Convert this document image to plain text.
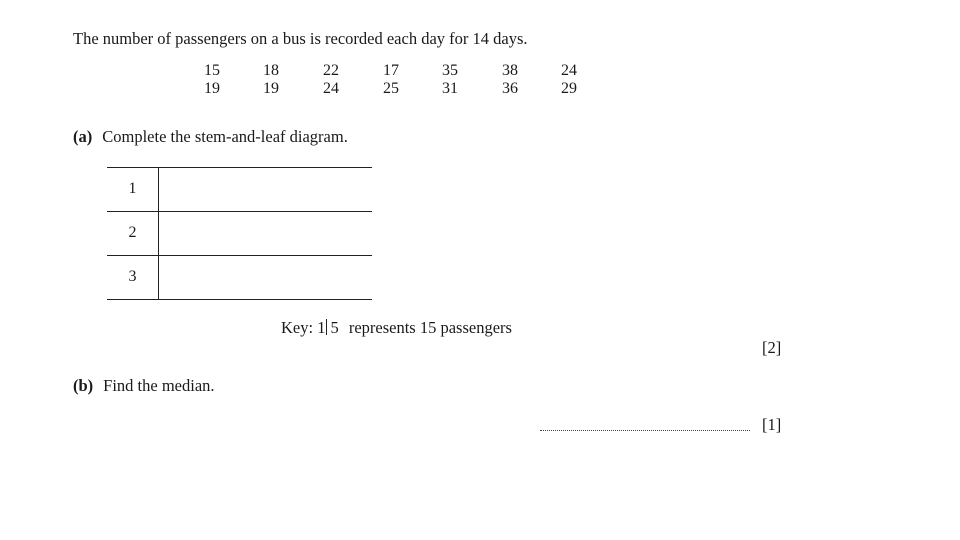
The number of passengers on a bus is recorded each day for 14 days.
15	18	22	17	35	38	24
19	19	24	25	31	36	29
(a) Complete the stem-and-leaf diagram.
1
2
3
Key: 1 5 represents 15 passengers
[2]
(b) Find the median.
[1]
